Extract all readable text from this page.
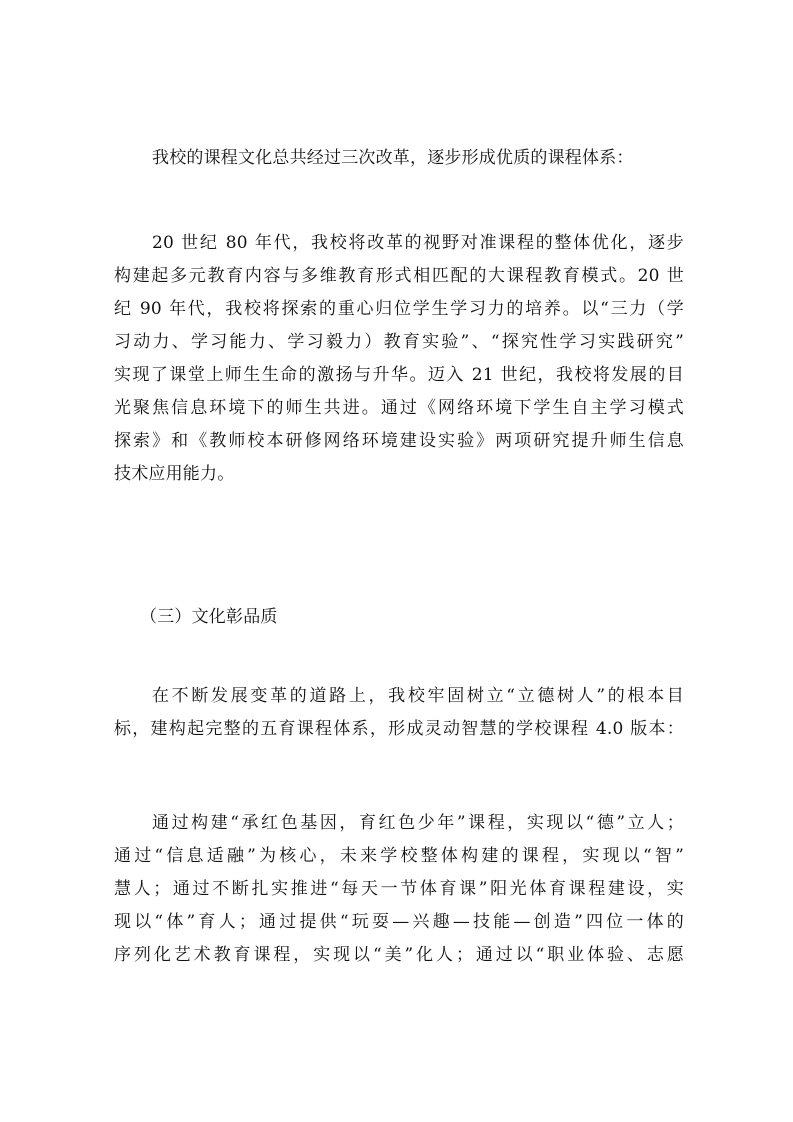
我校的课程文化总共经过三次改革，逐步形成优质的课程体系：

20 世纪 80 年代，我校将改革的视野对准课程的整体优化，逐步
构建起多元教育内容与多维教育形式相匹配的大课程教育模式。20 世
纪 90 年代，我校将探索的重心归位学生学习力的培养。以“三力（学
习动力、学习能力、学习毅力）教育实验”、“探究性学习实践研究”
实现了课堂上师生生命的激扬与升华。迈入 21 世纪，我校将发展的目
光聚焦信息环境下的师生共进。通过《网络环境下学生自主学习模式
探索》和《教师校本研修网络环境建设实验》两项研究提升师生信息
技术应用能力。

（三）文化彰品质

在不断发展变革的道路上，我校牢固树立“立德树人”的根本目
标，建构起完整的五育课程体系，形成灵动智慧的学校课程 4.0 版本：

通过构建“承红色基因，育红色少年”课程，实现以“德”立人；
通过“信息适融”为核心，未来学校整体构建的课程，实现以“智”
慧人；通过不断扎实推进“每天一节体育课”阳光体育课程建设，实
现以“体”育人；通过提供“玩耍—兴趣—技能—创造”四位一体的
序列化艺术教育课程，实现以“美”化人；通过以“职业体验、志愿
